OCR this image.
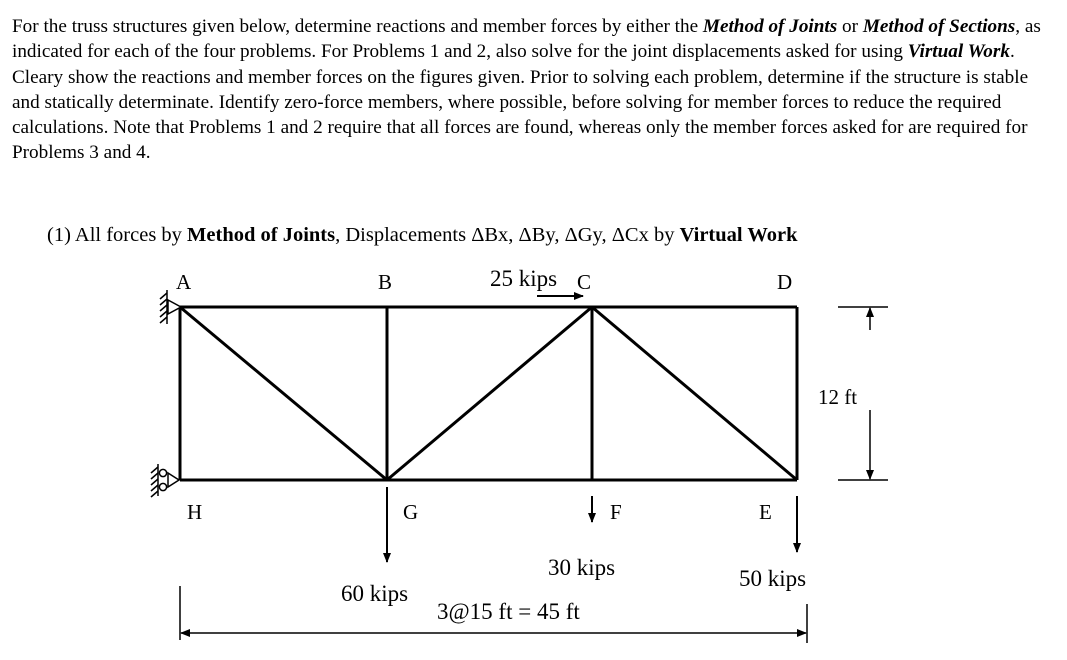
For the truss structures given below, determine reactions and member forces by either the Method of Joints or Method of Sections, as indicated for each of the four problems. For Problems 1 and 2, also solve for the joint displacements asked for using Virtual Work. Cleary show the reactions and member forces on the figures given. Prior to solving each problem, determine if the structure is stable and statically determinate. Identify zero-force members, where possible, before solving for member forces to reduce the required calculations. Note that Problems 1 and 2 require that all forces are found, whereas only the member forces asked for are required for Problems 3 and 4.
(1) All forces by Method of Joints, Displacements ΔBx, ΔBy, ΔGy, ΔCx by Virtual Work
A	B	C	D
H	G	F	E
25 kips
60 kips
30 kips	50 kips
12 ft
3@15 ft = 45 ft
